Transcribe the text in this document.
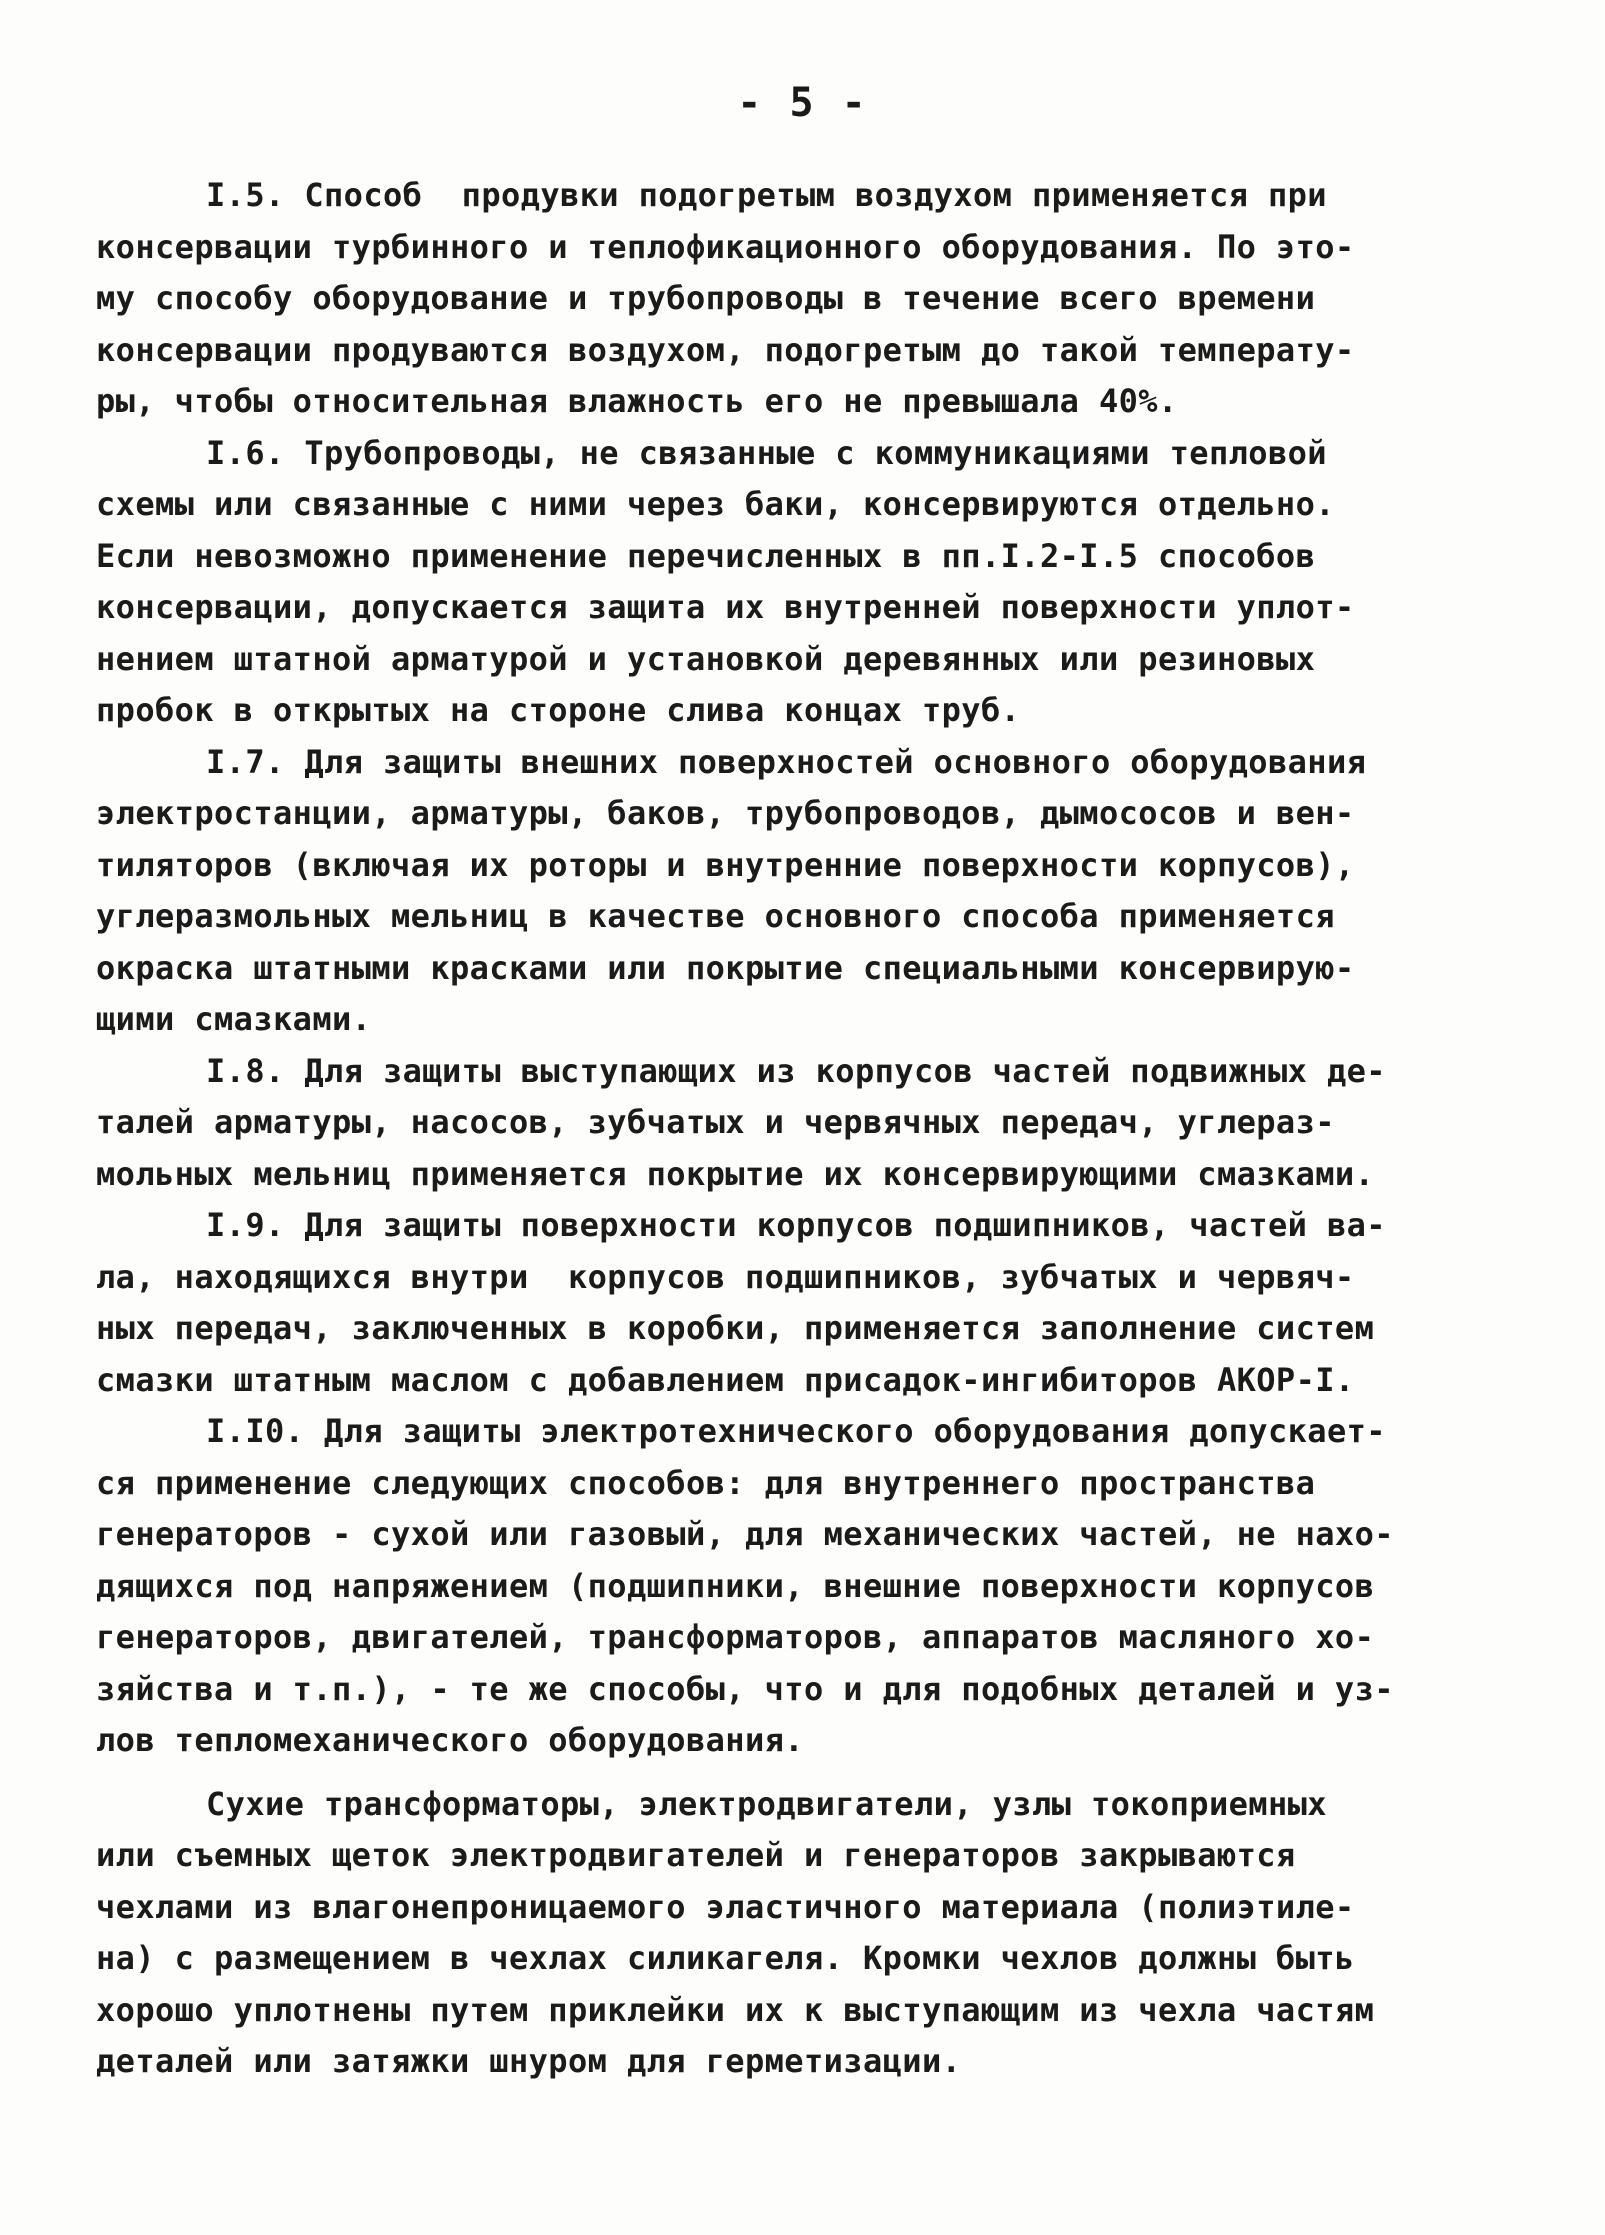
- 5 -
I.5. Способ  продувки подогретым воздухом применяется при
консервации турбинного и теплофикационного оборудования. По это-
му способу оборудование и трубопроводы в течение всего времени
консервации продуваются воздухом, подогретым до такой температу-
ры, чтобы относительная влажность его не превышала 40%.
I.6. Трубопроводы, не связанные с коммуникациями тепловой
схемы или связанные с ними через баки, консервируются отдельно.
Если невозможно применение перечисленных в пп.I.2-I.5 способов
консервации, допускается защита их внутренней поверхности уплот-
нением штатной арматурой и установкой деревянных или резиновых
пробок в открытых на стороне слива концах труб.
I.7. Для защиты внешних поверхностей основного оборудования
электростанции, арматуры, баков, трубопроводов, дымососов и вен-
тиляторов (включая их роторы и внутренние поверхности корпусов),
углеразмольных мельниц в качестве основного способа применяется
окраска штатными красками или покрытие специальными консервирую-
щими смазками.
I.8. Для защиты выступающих из корпусов частей подвижных де-
талей арматуры, насосов, зубчатых и червячных передач, углераз-
мольных мельниц применяется покрытие их консервирующими смазками.
I.9. Для защиты поверхности корпусов подшипников, частей ва-
ла, находящихся внутри  корпусов подшипников, зубчатых и червяч-
ных передач, заключенных в коробки, применяется заполнение систем
смазки штатным маслом с добавлением присадок-ингибиторов АКОР-I.
I.I0. Для защиты электротехнического оборудования допускает-
ся применение следующих способов: для внутреннего пространства
генераторов - сухой или газовый, для механических частей, не нахо-
дящихся под напряжением (подшипники, внешние поверхности корпусов
генераторов, двигателей, трансформаторов, аппаратов масляного хо-
зяйства и т.п.), - те же способы, что и для подобных деталей и уз-
лов тепломеханического оборудования.
Сухие трансформаторы, электродвигатели, узлы токоприемных
или съемных щеток электродвигателей и генераторов закрываются
чехлами из влагонепроницаемого эластичного материала (полиэтиле-
на) с размещением в чехлах силикагеля. Кромки чехлов должны быть
хорошо уплотнены путем приклейки их к выступающим из чехла частям
деталей или затяжки шнуром для герметизации.
